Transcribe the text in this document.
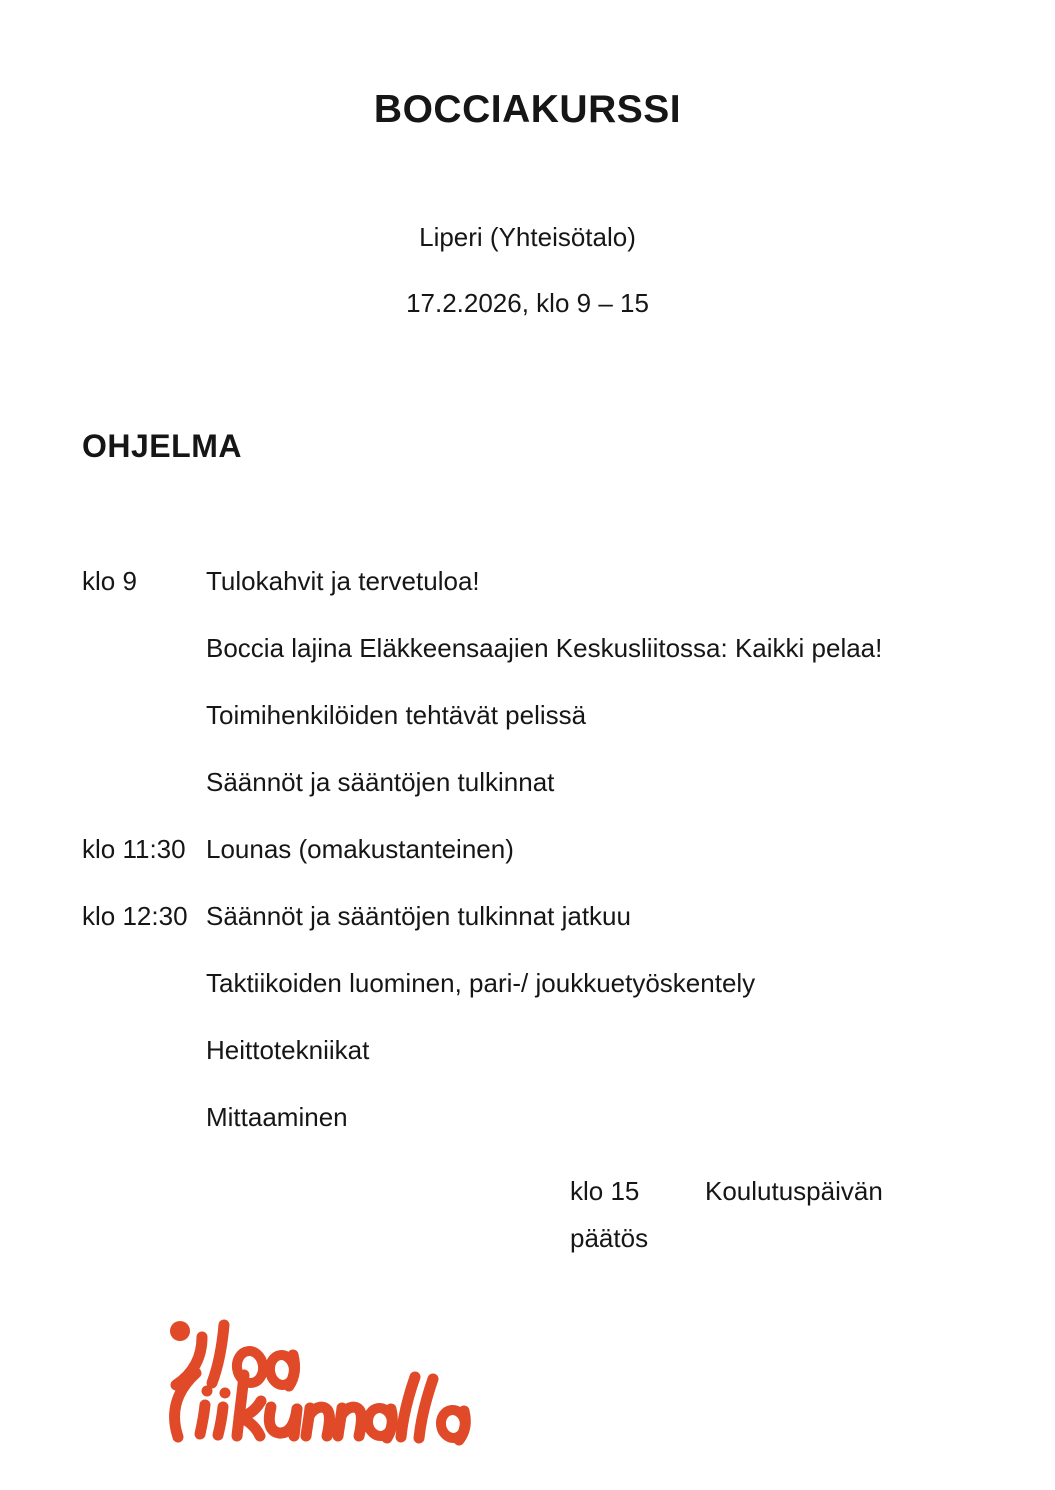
BOCCIAKURSSI
Liperi (Yhteisötalo)
17.2.2026, klo 9 – 15
OHJELMA
klo 9	Tulokahvit ja tervetuloa!
Boccia lajina Eläkkeensaajien Keskusliitossa: Kaikki pelaa!
Toimihenkilöiden tehtävät pelissä
Säännöt ja sääntöjen tulkinnat
klo 11:30 Lounas (omakustanteinen)
klo 12:30 Säännöt ja sääntöjen tulkinnat jatkuu
Taktiikoiden luominen, pari-/ joukkuetyöskentely
Heittotekniikat
Mittaaminen
klo 15	Koulutuspäivän päätös
